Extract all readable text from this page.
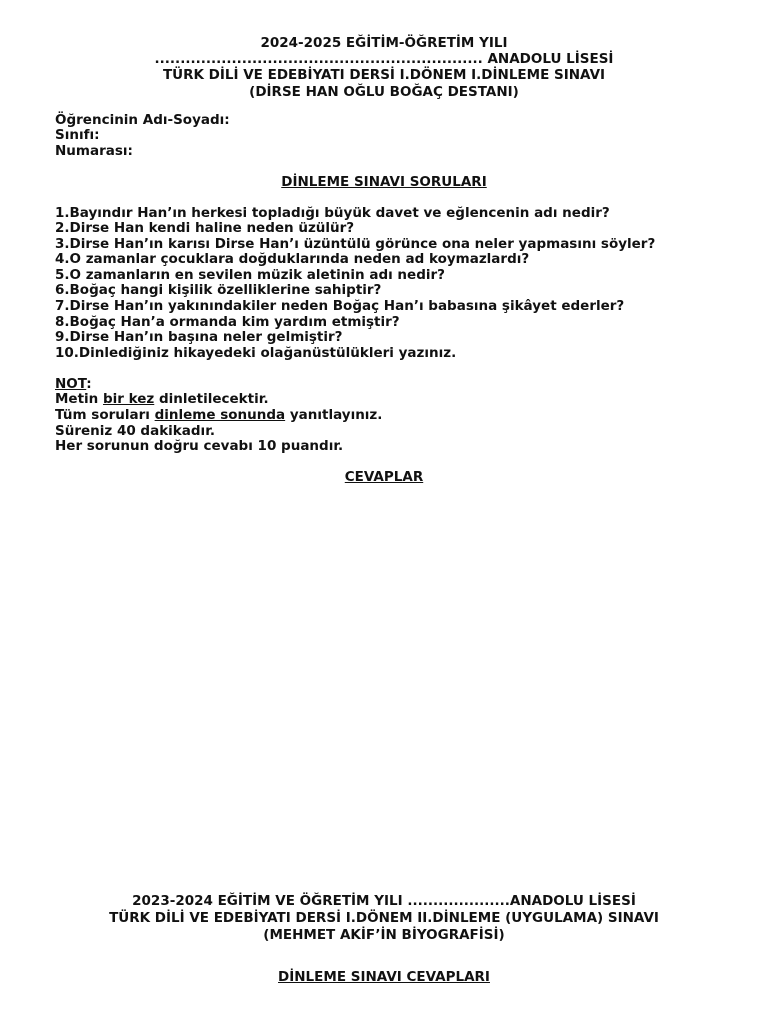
2024-2025 EĞİTİM-ÖĞRETİM YILI
................................................................ ANADOLU LİSESİ
TÜRK DİLİ VE EDEBİYATI DERSİ I.DÖNEM I.DİNLEME SINAVI
(DİRSE HAN OĞLU BOĞAÇ DESTANI)
Öğrencinin Adı-Soyadı:
Sınıfı:
Numarası:
DİNLEME SINAVI SORULARI
1.Bayındır Han’ın herkesi topladığı büyük davet ve eğlencenin adı nedir?
2.Dirse Han kendi haline neden üzülür?
3.Dirse Han’ın karısı Dirse Han’ı üzüntülü görünce ona neler yapmasını söyler?
4.O zamanlar çocuklara doğduklarında neden ad koymazlardı?
5.O zamanların en sevilen müzik aletinin adı nedir?
6.Boğaç hangi kişilik özelliklerine sahiptir?
7.Dirse Han’ın yakınındakiler neden Boğaç Han’ı babasına şikâyet ederler?
8.Boğaç Han’a ormanda kim yardım etmiştir?
9.Dirse Han’ın başına neler gelmiştir?
10.Dinlediğiniz hikayedeki olağanüstülükleri yazınız.
NOT:
Metin bir kez dinletilecektir.
Tüm soruları dinleme sonunda yanıtlayınız.
Süreniz 40 dakikadır.
Her sorunun doğru cevabı 10 puandır.
CEVAPLAR
2023-2024 EĞİTİM VE ÖĞRETİM YILI ....................ANADOLU LİSESİ
TÜRK DİLİ VE EDEBİYATI DERSİ I.DÖNEM II.DİNLEME (UYGULAMA) SINAVI
(MEHMET AKİF’İN BİYOGRAFİSİ)
DİNLEME SINAVI CEVAPLARI
